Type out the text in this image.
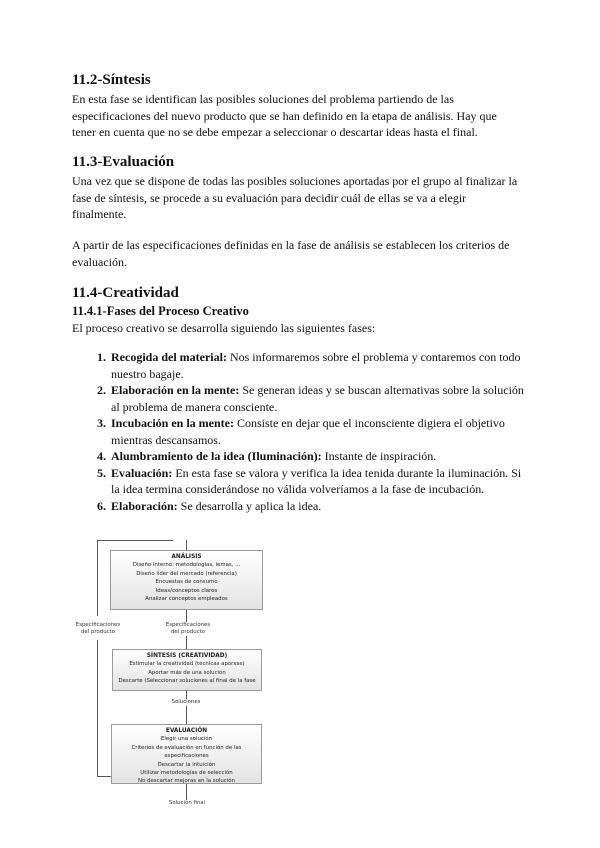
11.2-Síntesis
En esta fase se identifican las posibles soluciones del problema partiendo de las
especificaciones del nuevo producto que se han definido en la etapa de análisis. Hay que
tener en cuenta que no se debe empezar a seleccionar o descartar ideas hasta el final.
11.3-Evaluación
Una vez que se dispone de todas las posibles soluciones aportadas por el grupo al finalizar la
fase de síntesis, se procede a su evaluación para decidir cuál de ellas se va a elegir
finalmente.
A partir de las especificaciones definidas en la fase de análisis se establecen los criterios de
evaluación.
11.4-Creatividad
11.4.1-Fases del Proceso Creativo
El proceso creativo se desarrolla siguiendo las siguientes fases:
1. Recogida del material: Nos informaremos sobre el problema y contaremos con todo
nuestro bagaje.
2. Elaboración en la mente: Se generan ideas y se buscan alternativas sobre la solución
al problema de manera consciente.
3. Incubación en la mente: Consiste en dejar que el inconsciente digiera el objetivo
mientras descansamos.
4. Alumbramiento de la idea (Iluminación): Instante de inspiración.
5. Evaluación: En esta fase se valora y verifica la idea tenida durante la iluminación. Si
la idea termina considerándose no válida volveríamos a la fase de incubación.
6. Elaboración: Se desarrolla y aplica la idea.
ANÁLISIS
Diseño interno: metodologías, lemas, ...
Diseño líder del mercado (referencia)
Encuestas de consumo
Ideas/conceptos claros
Analizar conceptos empleados
Especificaciones
del producto
Especificaciones
del producto
SÍNTESIS (CREATIVIDAD)
Estimular la creatividad (técnicas aporxas)
Aportar más de una solución
Descarte (Seleccionar soluciones al final de la fase
Soluciones
EVALUACIÓN
Elegir una solución
Criterios de evaluación en función de las
especificaciones
Descartar la intuición
Utilizar metodologías de selección
No descartar mejoras en la solución
Solución final
